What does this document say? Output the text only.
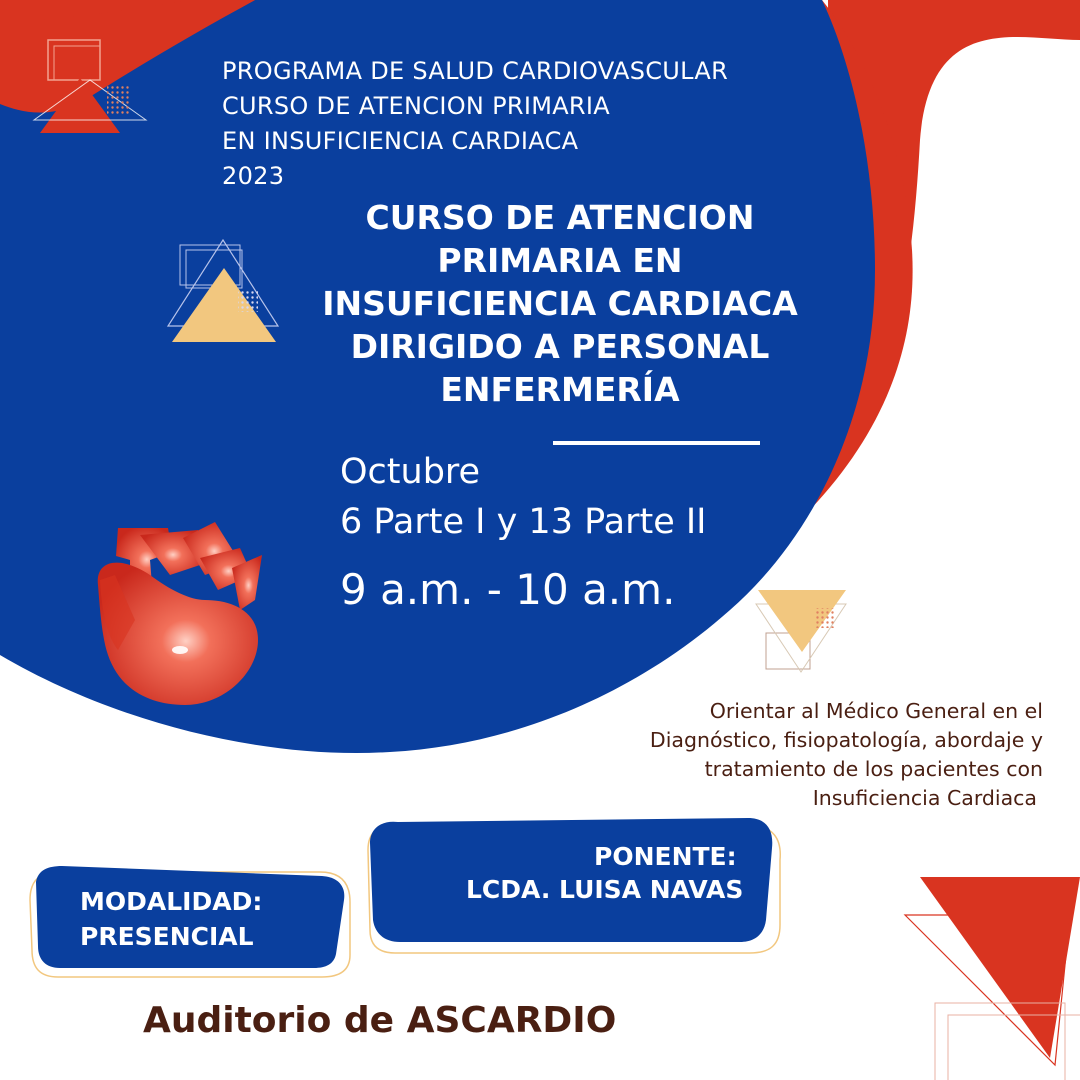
PROGRAMA DE SALUD CARDIOVASCULAR
CURSO DE ATENCION PRIMARIA
EN INSUFICIENCIA CARDIACA
2023
CURSO DE ATENCION
PRIMARIA EN
INSUFICIENCIA CARDIACA
DIRIGIDO A PERSONAL
ENFERMERÍA
Octubre
6 Parte I y 13 Parte II
9 a.m. - 10 a.m.
Orientar al Médico General en el
Diagnóstico, fisiopatología, abordaje y
tratamiento de los pacientes con
Insuficiencia Cardiaca
PONENTE:
LCDA. LUISA NAVAS
MODALIDAD:
PRESENCIAL
Auditorio de ASCARDIO
